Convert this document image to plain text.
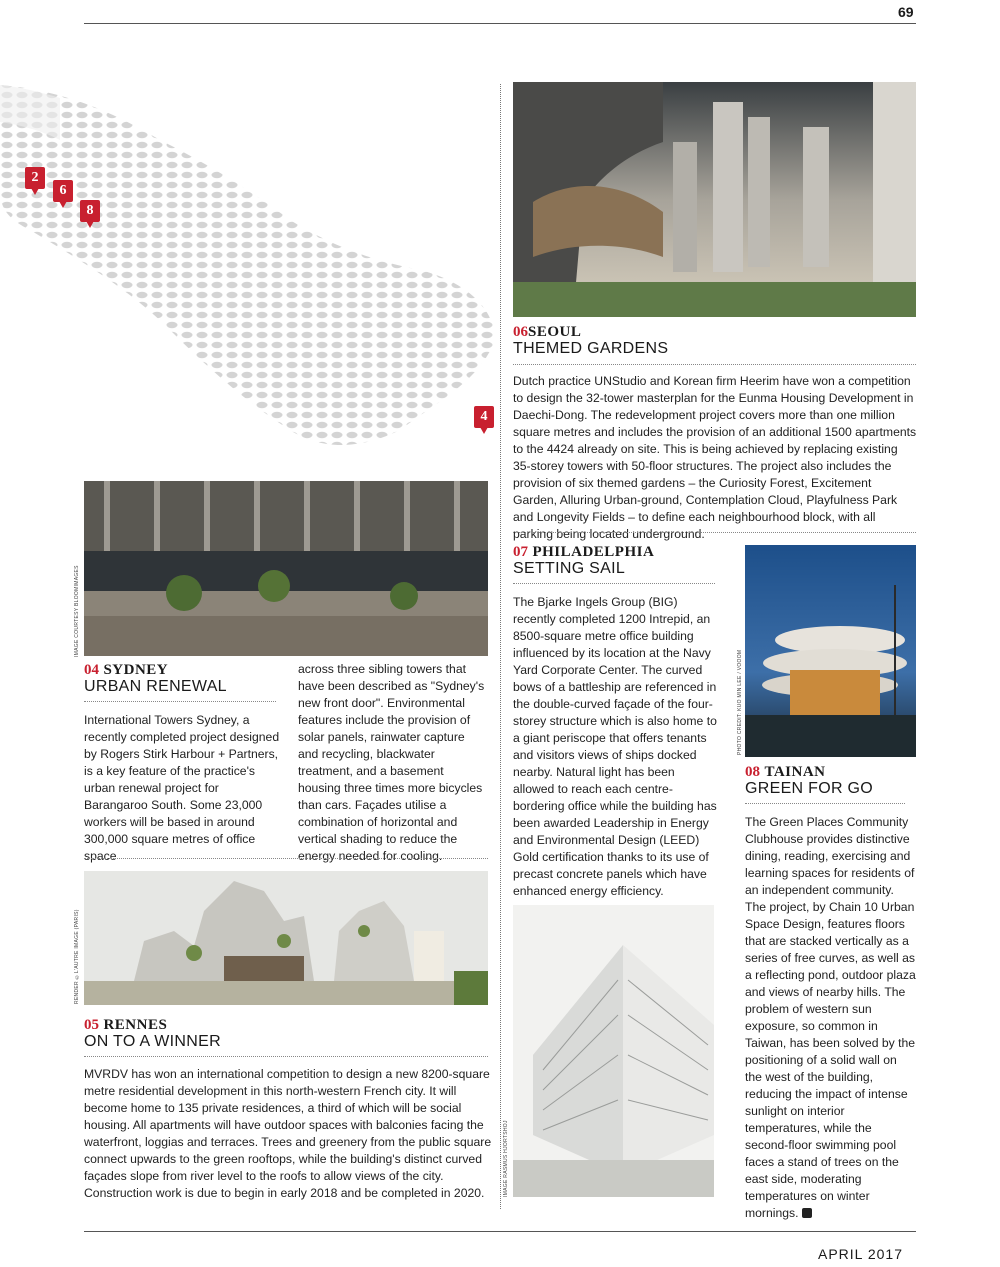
69
2
6
8
4
06SEOUL
THEMED GARDENS
Dutch practice UNStudio and Korean firm Heerim have won a competition to design the 32-tower masterplan for the Eunma Housing Development in Daechi-Dong. The redevelopment project covers more than one million square metres and includes the provision of an additional 1500 apartments to the 4424 already on site. This is being achieved by replacing existing 35-storey towers with 50-floor structures. The project also includes the provision of six themed gardens – the Curiosity Forest, Excitement Garden, Alluring Urban-ground, Contemplation Cloud, Playfulness Park and Longevity Fields – to define each neighbourhood block, with all parking being located underground.
IMAGE COURTESY BLOOMIMAGES
04 SYDNEY
URBAN RENEWAL
International Towers Sydney, a recently completed project designed by Rogers Stirk Harbour + Partners, is a key feature of the practice's urban renewal project for Barangaroo South. Some 23,000 workers will be based in around 300,000 square metres of office space
across three sibling towers that have been described as "Sydney's new front door". Environmental features include the provision of solar panels, rainwater capture and recycling, blackwater treatment, and a basement housing three times more bicycles than cars. Façades utilise a combination of horizontal and vertical shading to reduce the energy needed for cooling.
RENDER ©L'AUTRE IMAGE (PARIS)
05 RENNES
ON TO A WINNER
MVRDV has won an international competition to design a new 8200-square metre residential development in this north-western French city. It will become home to 135 private residences, a third of which will be social housing. All apartments will have outdoor spaces with balconies facing the waterfront, loggias and terraces. Trees and greenery from the public square connect upwards to the green rooftops, while the building's distinct curved façades slope from river level to the roofs to allow views of the city. Construction work is due to begin in early 2018 and be completed in 2020.
07 PHILADELPHIA
SETTING SAIL
The Bjarke Ingels Group (BIG) recently completed 1200 Intrepid, an 8500-square metre office building influenced by its location at the Navy Yard Corporate Center. The curved bows of a battleship are referenced in the double-curved façade of the four-storey structure which is also home to a giant periscope that offers tenants and visitors views of ships docked nearby. Natural light has been allowed to reach each centre-bordering office while the building has been awarded Leadership in Energy and Environmental Design (LEED) Gold certification thanks to its use of precast concrete panels which have enhanced energy efficiency.
IMAGE RASMUS HJORTSHOJ
PHOTO CREDIT: KUO MIN LEE / VOOOM
08 TAINAN
GREEN FOR GO
The Green Places Community Clubhouse provides distinctive dining, reading, exercising and learning spaces for residents of an independent community. The project, by Chain 10 Urban Space Design, features floors that are stacked vertically as a series of free curves, as well as a reflecting pond, outdoor plaza and views of nearby hills. The problem of western sun exposure, so common in Taiwan, has been solved by the positioning of a solid wall on the west of the building, reducing the impact of intense sunlight on interior temperatures, while the second-floor swimming pool faces a stand of trees on the east side, moderating temperatures on winter mornings.
APRIL 2017
